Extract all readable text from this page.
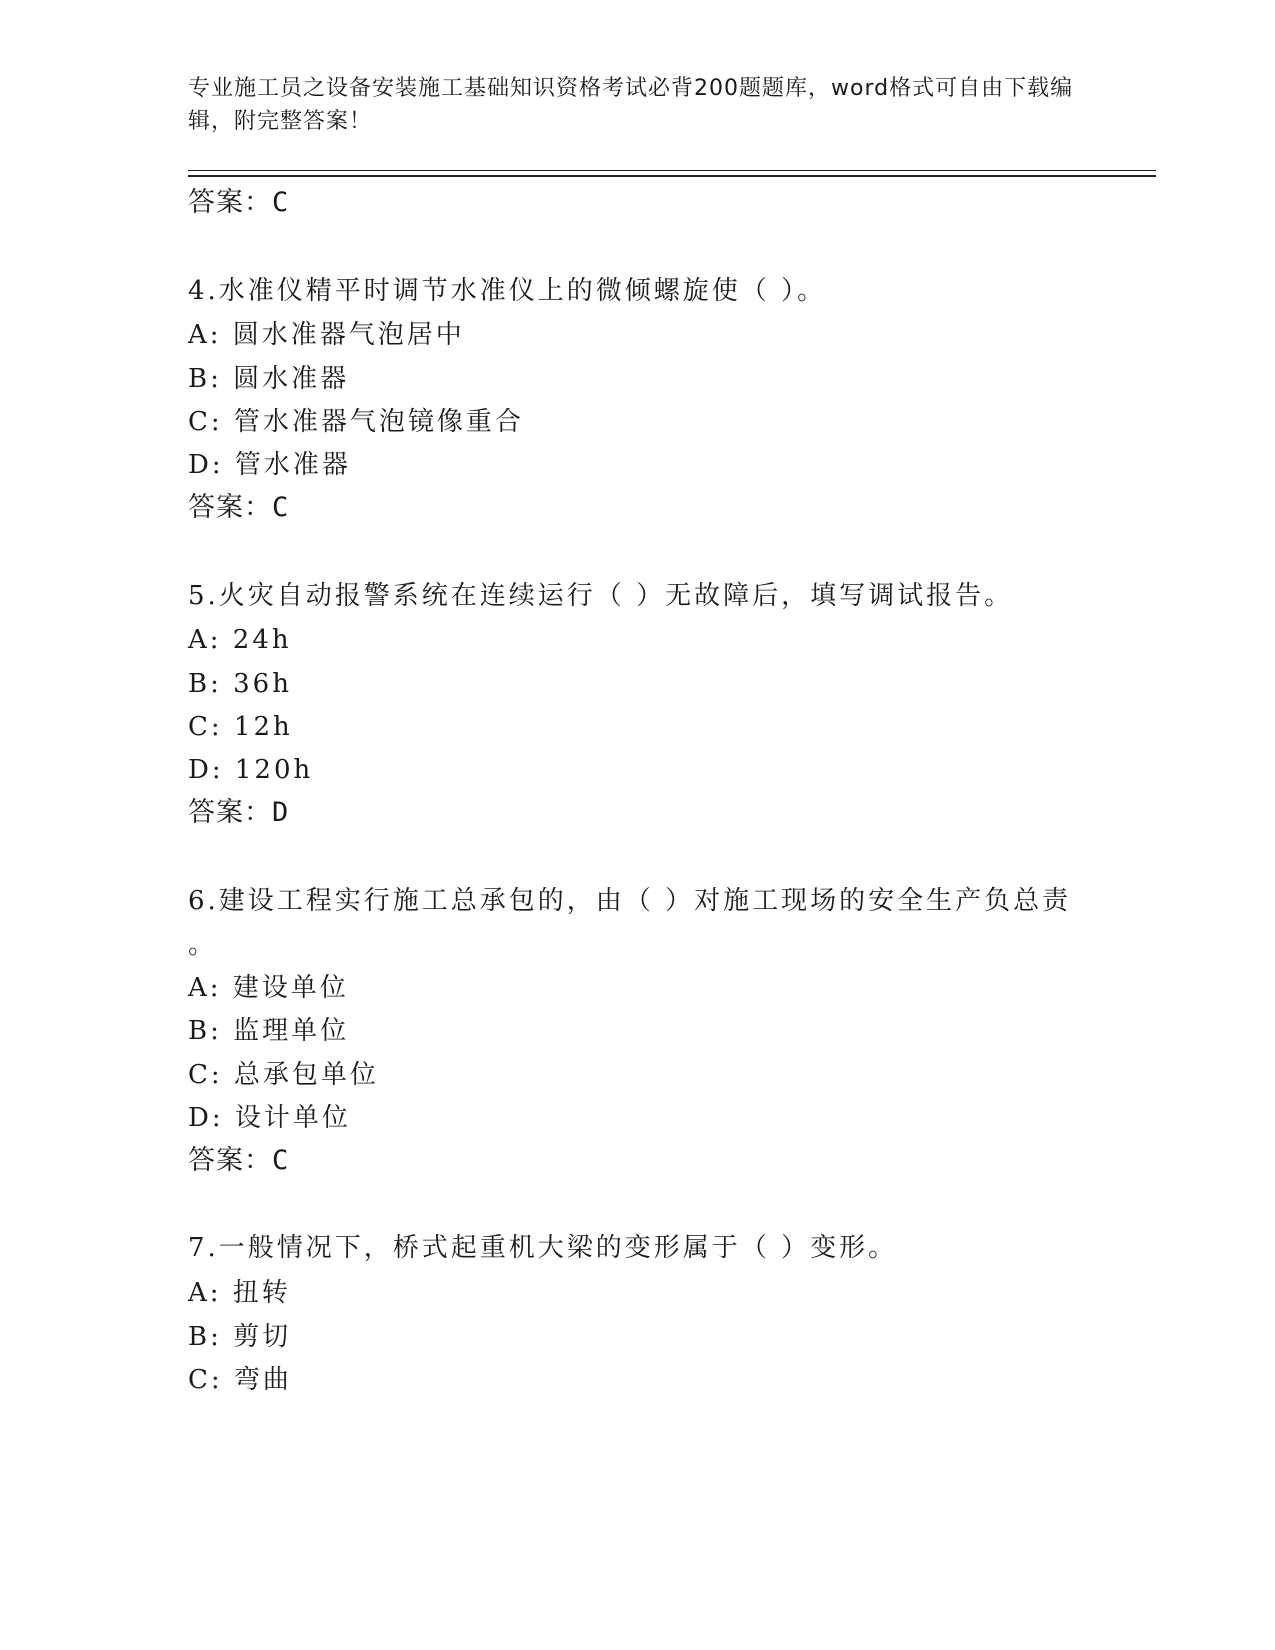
专业施工员之设备安装施工基础知识资格考试必背200题题库，word格式可自由下载编辑，附完整答案！
答案：C
4.水准仪精平时调节水准仪上的微倾螺旋使（ ）。
A: 圆水准器气泡居中
B: 圆水准器
C: 管水准器气泡镜像重合
D: 管水准器
答案：C
5.火灾自动报警系统在连续运行（ ）无故障后，填写调试报告。
A: 24h
B: 36h
C: 12h
D: 120h
答案：D
6.建设工程实行施工总承包的，由（ ）对施工现场的安全生产负总责
。
A: 建设单位
B: 监理单位
C: 总承包单位
D: 设计单位
答案：C
7.一般情况下，桥式起重机大梁的变形属于（ ）变形。
A: 扭转
B: 剪切
C: 弯曲
